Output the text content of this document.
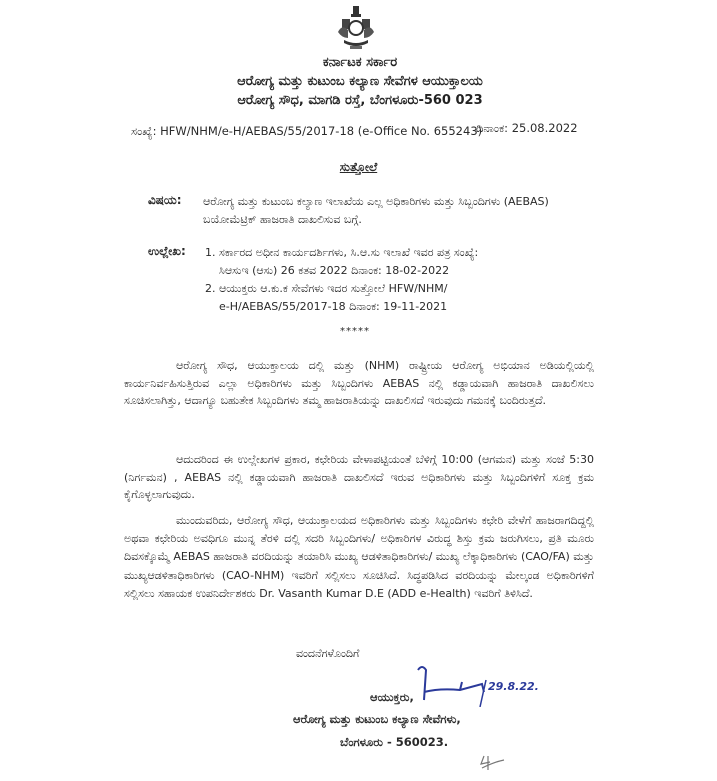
ಕರ್ನಾಟಕ ಸರ್ಕಾರ
ಆರೋಗ್ಯ ಮತ್ತು ಕುಟುಂಬ ಕಲ್ಯಾಣ ಸೇವೆಗಳ ಆಯುಕ್ತಾಲಯ
ಆರೋಗ್ಯ ಸೌಧ, ಮಾಗಡಿ ರಸ್ತೆ, ಬೆಂಗಳೂರು-560 023
ಸಂಖ್ಯೆ: HFW/NHM/e-H/AEBAS/55/2017-18 (e-Office No. 655243)
ದಿನಾಂಕ: 25.08.2022
ಸುತ್ತೋಲೆ
ವಿಷಯ: ಆರೋಗ್ಯ ಮತ್ತು ಕುಟುಂಬ ಕಲ್ಯಾಣ ಇಲಾಖೆಯ ಎಲ್ಲ ಅಧಿಕಾರಿಗಳು ಮತ್ತು ಸಿಬ್ಬಂದಿಗಳು (AEBAS) ಬಯೋಮೆಟ್ರಿಕ್ ಹಾಜರಾತಿ ದಾಖಲಿಸುವ ಬಗ್ಗೆ.
ಉಲ್ಲೇಖ: 1. ಸರ್ಕಾರದ ಅಧೀನ ಕಾರ್ಯದರ್ಶಿಗಳು, ಸಿ.ಆ.ಸು ಇಲಾಖೆ ಇವರ ಪತ್ರ ಸಂಖ್ಯೆ:
ಸಿಆಸುಇ (ಆಸು) 26 ಕತವ 2022 ದಿನಾಂಕ: 18-02-2022
2. ಆಯುಕ್ತರು ಆ.ಕು.ಕ ಸೇವೆಗಳು ಇದರ ಸುತ್ತೋಲೆ HFW/NHM/
e-H/AEBAS/55/2017-18 ದಿನಾಂಕ: 19-11-2021
*****
ಆರೋಗ್ಯ ಸೌಧ, ಆಯುಕ್ತಾಲಯ ದಲ್ಲಿ ಮತ್ತು (NHM) ರಾಷ್ಟ್ರೀಯ ಆರೋಗ್ಯ ಅಭಿಯಾನ ಅಡಿಯಲ್ಲಿಯಲ್ಲಿ ಕಾರ್ಯನಿರ್ವಹಿಸುತ್ತಿರುವ ಎಲ್ಲಾ ಅಧಿಕಾರಿಗಳು ಮತ್ತು ಸಿಬ್ಬಂದಿಗಳು AEBAS ನಲ್ಲಿ ಕಡ್ಡಾಯವಾಗಿ ಹಾಜರಾತಿ ದಾಖಲಿಸಲು ಸೂಚಿಸಲಾಗಿತ್ತು, ಆದಾಗ್ಯೂ ಬಹುತೇಕ ಸಿಬ್ಬಂದಿಗಳು ತಮ್ಮ ಹಾಜರಾತಿಯನ್ನು ದಾಖಲಿಸದೆ ಇರುವುದು ಗಮನಕ್ಕೆ ಬಂದಿರುತ್ತದೆ.
ಆದುದರಿಂದ ಈ ಉಲ್ಲೇಖಗಳ ಪ್ರಕಾರ, ಕಛೇರಿಯ ವೇಳಾಪಟ್ಟಿಯಂತೆ ಬೆಳಿಗ್ಗೆ 10:00 (ಆಗಮನ) ಮತ್ತು ಸಂಜೆ 5:30 (ನಿರ್ಗಮನ) , AEBAS ನಲ್ಲಿ ಕಡ್ಡಾಯವಾಗಿ ಹಾಜರಾತಿ ದಾಖಲಿಸದೆ ಇರುವ ಅಧಿಕಾರಿಗಳು ಮತ್ತು ಸಿಬ್ಬಂದಿಗಳಿಗೆ ಸೂಕ್ತ ಕ್ರಮ ಕೈಗೊಳ್ಳಲಾಗುವುದು.
ಮುಂದುವರಿದು, ಆರೋಗ್ಯ ಸೌಧ, ಆಯುಕ್ತಾಲಯದ ಅಧಿಕಾರಿಗಳು ಮತ್ತು ಸಿಬ್ಬಂದಿಗಳು ಕಛೇರಿ ವೇಳೆಗೆ ಹಾಜರಾಗದಿದ್ದಲ್ಲಿ ಅಥವಾ ಕಛೇರಿಯ ಅವಧಿಗೂ ಮುನ್ನ ತೆರಳಿ ದಲ್ಲಿ ಸದರಿ ಸಿಬ್ಬಂದಿಗಳು/ ಅಧಿಕಾರಿಗಳ ವಿರುದ್ಧ ಶಿಸ್ತು ಕ್ರಮ ಜರುಗಿಸಲು, ಪ್ರತಿ ಮೂರು ದಿವಸಕ್ಕೊಮ್ಮೆ AEBAS ಹಾಜರಾತಿ ವರದಿಯನ್ನು ತಯಾರಿಸಿ ಮುಖ್ಯ ಆಡಳಿತಾಧಿಕಾರಿಗಳು/ ಮುಖ್ಯ ಲೆಕ್ಕಾಧಿಕಾರಿಗಳು (CAO/FA) ಮತ್ತು ಮುಖ್ಯಆಡಳಿತಾಧಿಕಾರಿಗಳು (CAO-NHM) ಇವರಿಗೆ ಸಲ್ಲಿಸಲು ಸೂಚಿಸಿದೆ. ಸಿದ್ಧಪಡಿಸಿದ ವರದಿಯನ್ನು ಮೇಲ್ಕಂಡ ಅಧಿಕಾರಿಗಳಿಗೆ ಸಲ್ಲಿಸಲು ಸಹಾಯಕ ಉಪನಿರ್ದೇಶಕರು Dr. Vasanth Kumar D.E (ADD e-Health) ಇವರಿಗೆ ತಿಳಿಸಿದೆ.
ವಂದನೆಗಳೊಂದಿಗೆ
29.8.22.
ಆಯುಕ್ತರು,
ಆರೋಗ್ಯ ಮತ್ತು ಕುಟುಂಬ ಕಲ್ಯಾಣ ಸೇವೆಗಳು,
ಬೆಂಗಳೂರು - 560023.
